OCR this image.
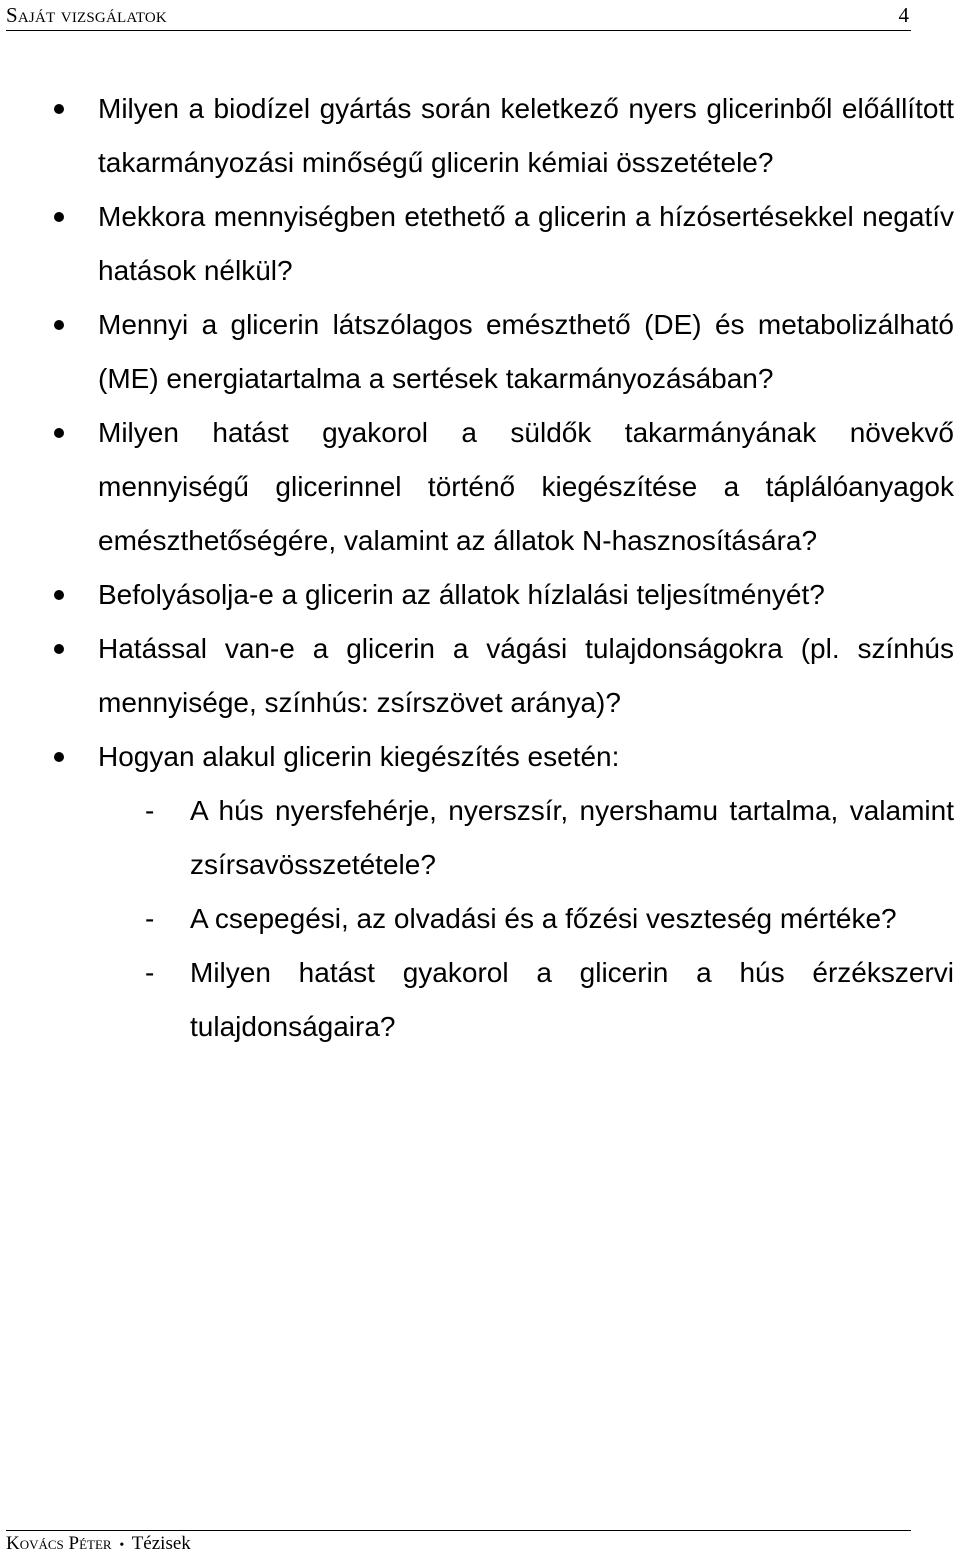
Saját vizsgálatok	4
Milyen a biodízel gyártás során keletkező nyers glicerinből előállított takarmányozási minőségű glicerin kémiai összetétele?
Mekkora mennyiségben etethető a glicerin a hízósertésekkel negatív hatások nélkül?
Mennyi a glicerin látszólagos emészthető (DE) és metabolizálható (ME) energiatartalma a sertések takarmányozásában?
Milyen hatást gyakorol a süldők takarmányának növekvő mennyiségű glicerinnel történő kiegészítése a táplálóanyagok emészthetőségére, valamint az állatok N-hasznosítására?
Befolyásolja-e a glicerin az állatok hízlalási teljesítményét?
Hatással van-e a glicerin a vágási tulajdonságokra (pl. színhús mennyisége, színhús: zsírszövet aránya)?
Hogyan alakul glicerin kiegészítés esetén:
- A hús nyersfehérje, nyerszsír, nyershamu tartalma, valamint zsírsavösszetétele?
- A csepegési, az olvadási és a főzési veszteség mértéke?
- Milyen hatást gyakorol a glicerin a hús érzékszervi tulajdonságaira?
Kovács Péter • Tézisek
